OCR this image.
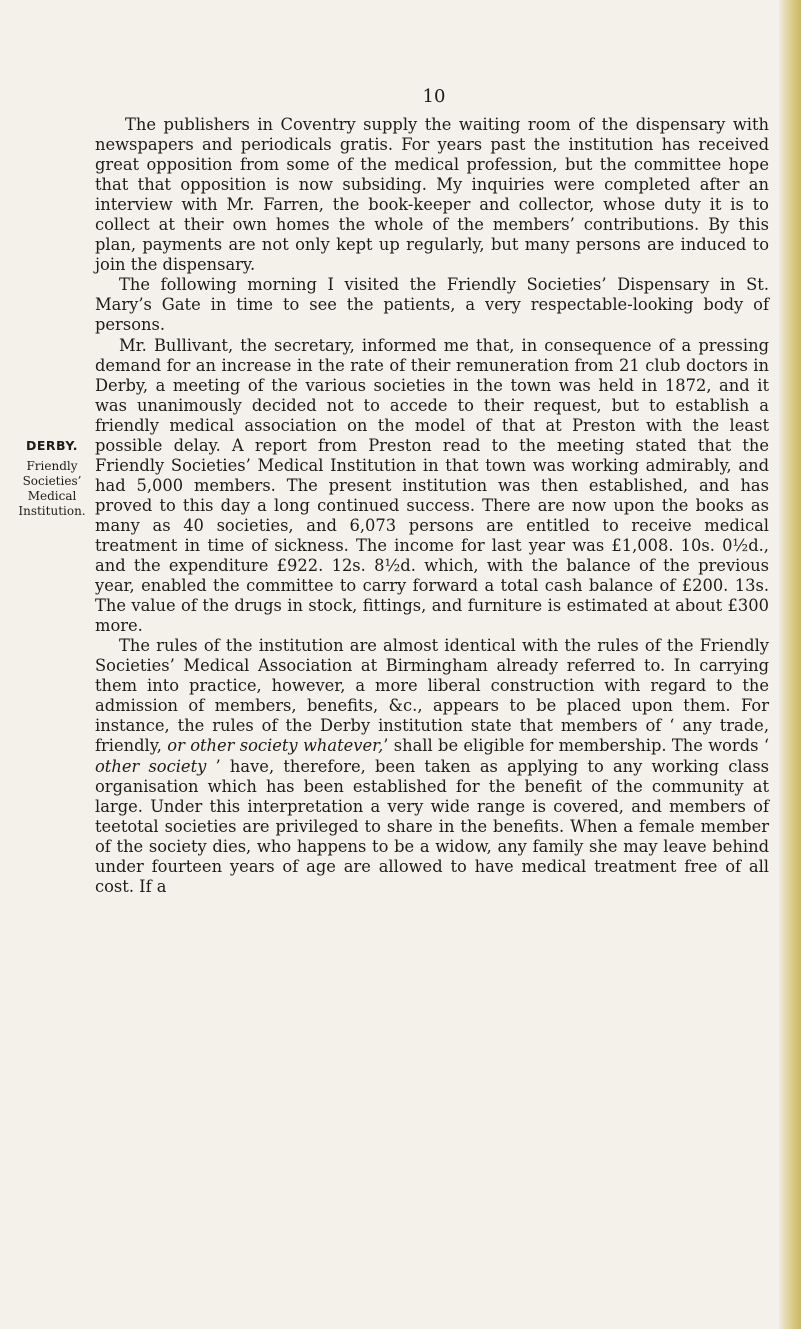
10
DERBY.
Friendly
Societies’
Medical
Institution.

The publishers in Coventry supply the waiting room of the dispensary with newspapers and periodicals gratis. For years past the institution has received great opposition from some of the medical profession, but the committee hope that that opposition is now subsiding. My inquiries were completed after an interview with Mr. Farren, the book-keeper and collector, whose duty it is to collect at their own homes the whole of the members’ contributions. By this plan, payments are not only kept up regularly, but many persons are induced to join the dispensary.

The following morning I visited the Friendly Societies’ Dispensary in St. Mary’s Gate in time to see the patients, a very respectable-looking body of persons.

Mr. Bullivant, the secretary, informed me that, in consequence of a pressing demand for an increase in the rate of their remuneration from 21 club doctors in Derby, a meeting of the various societies in the town was held in 1872, and it was unanimously decided not to accede to their request, but to establish a friendly medical association on the model of that at Preston with the least possible delay. A report from Preston read to the meeting stated that the Friendly Societies’ Medical Institution in that town was working admirably, and had 5,000 members. The present institution was then established, and has proved to this day a long continued success. There are now upon the books as many as 40 societies, and 6,073 persons are entitled to receive medical treatment in time of sickness. The income for last year was £1,008. 10s. 0½d., and the expenditure £922. 12s. 8½d. which, with the balance of the previous year, enabled the committee to carry forward a total cash balance of £200. 13s. The value of the drugs in stock, fittings, and furniture is estimated at about £300 more.

The rules of the institution are almost identical with the rules of the Friendly Societies’ Medical Association at Birmingham already referred to. In carrying them into practice, however, a more liberal construction with regard to the admission of members, benefits, &c., appears to be placed upon them. For instance, the rules of the Derby institution state that members of ‘ any trade, friendly, or other society whatever,’ shall be eligible for membership. The words ‘ other society ’ have, therefore, been taken as applying to any working class organisation which has been established for the benefit of the community at large. Under this interpretation a very wide range is covered, and members of teetotal societies are privileged to share in the benefits. When a female member of the society dies, who happens to be a widow, any family she may leave behind under fourteen years of age are allowed to have medical treatment free of all cost. If a
